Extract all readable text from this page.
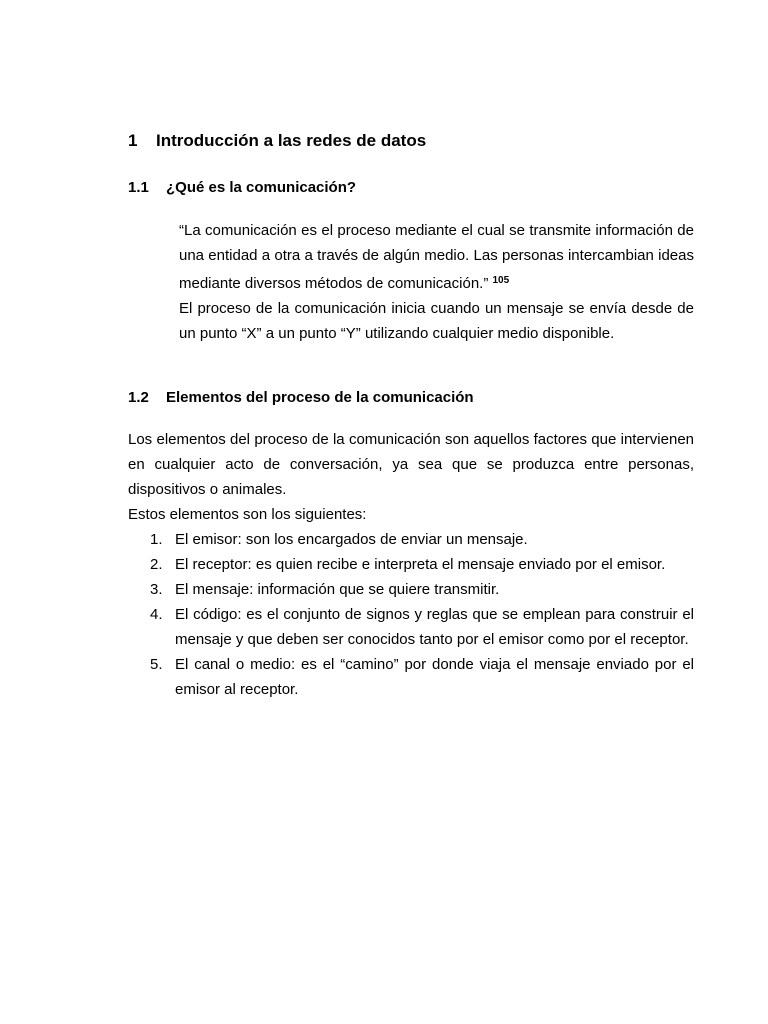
1 Introducción a las redes de datos
1.1 ¿Qué es la comunicación?

“La comunicación es el proceso mediante el cual se transmite información de una entidad a otra a través de algún medio. Las personas intercambian ideas mediante diversos métodos de comunicación.” $^{105}$

El proceso de la comunicación inicia cuando un mensaje se envía desde de un punto “X” a un punto “Y” utilizando cualquier medio disponible.

1.2 Elementos del proceso de la comunicación

Los elementos del proceso de la comunicación son aquellos factores que intervienen en cualquier acto de conversación, ya sea que se produzca entre personas, dispositivos o animales.

Estos elementos son los siguientes:

1. El emisor: son los encargados de enviar un mensaje.
2. El receptor: es quien recibe e interpreta el mensaje enviado por el emisor.
3. El mensaje: información que se quiere transmitir.
4. El código: es el conjunto de signos y reglas que se emplean para construir el mensaje y que deben ser conocidos tanto por el emisor como por el receptor.
5. El canal o medio: es el “camino” por donde viaja el mensaje enviado por el emisor al receptor.
